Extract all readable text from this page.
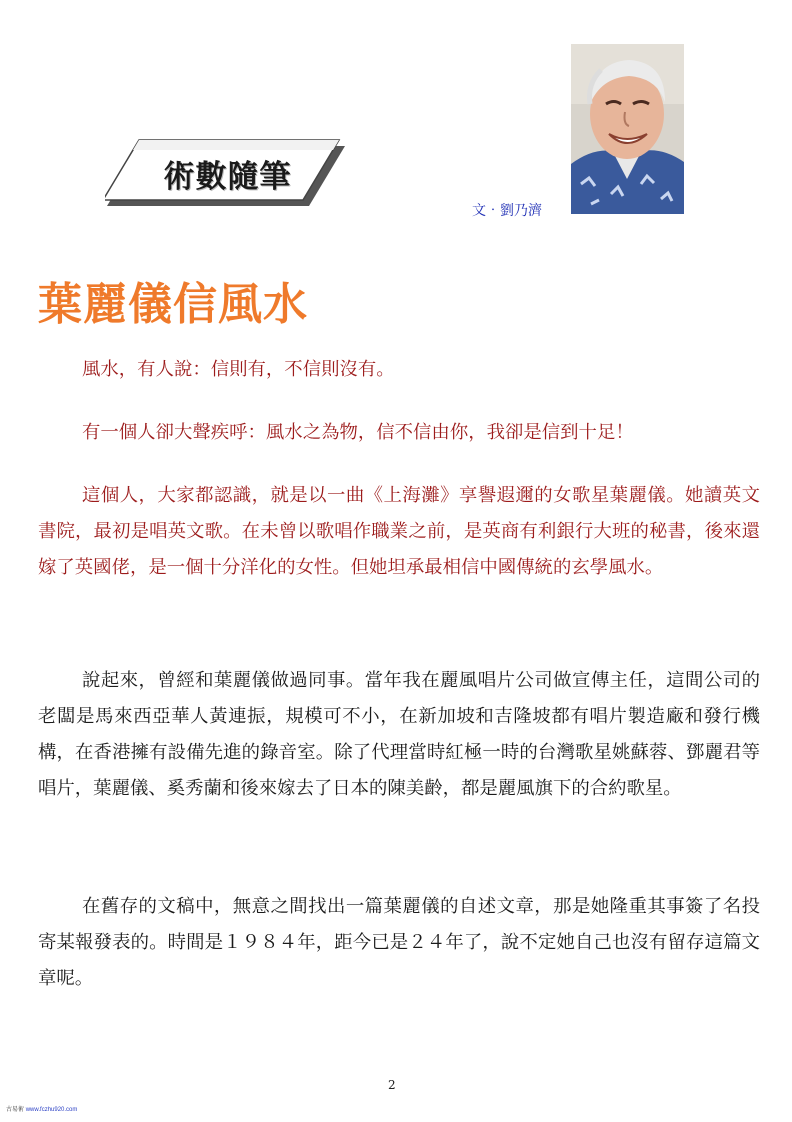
術數隨筆
文‧劉乃濟
葉麗儀信風水

風水，有人說：信則有，不信則沒有。

有一個人卻大聲疾呼：風水之為物，信不信由你，我卻是信到十足！

這個人，大家都認識，就是以一曲《上海灘》享譽遐邇的女歌星葉麗儀。她讀英文書院，最初是唱英文歌。在未曾以歌唱作職業之前，是英商有利銀行大班的秘書，後來還嫁了英國佬，是一個十分洋化的女性。但她坦承最相信中國傳統的玄學風水。

說起來，曾經和葉麗儀做過同事。當年我在麗風唱片公司做宣傳主任，這間公司的老闆是馬來西亞華人黃連振，規模可不小，在新加坡和吉隆坡都有唱片製造廠和發行機構，在香港擁有設備先進的錄音室。除了代理當時紅極一時的台灣歌星姚蘇蓉、鄧麗君等唱片，葉麗儀、奚秀蘭和後來嫁去了日本的陳美齡，都是麗風旗下的合約歌星。

在舊存的文稿中，無意之間找出一篇葉麗儀的自述文章，那是她隆重其事簽了名投寄某報發表的。時間是１９８４年，距今已是２４年了，說不定她自己也沒有留存這篇文章呢。

2
古易術 www.fczhu920.com
